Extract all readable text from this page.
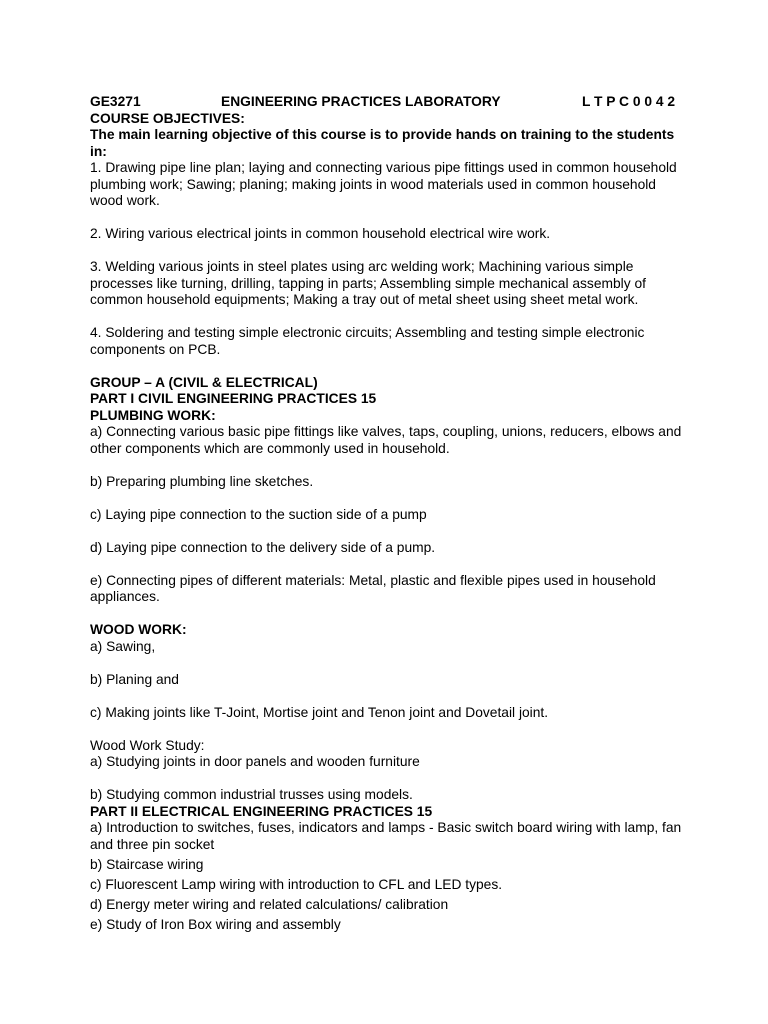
GE3271	ENGINEERING PRACTICES LABORATORY	L T P C 0 0 4 2

COURSE OBJECTIVES:

The main learning objective of this course is to provide hands on training to the students in:

1. Drawing pipe line plan; laying and connecting various pipe fittings used in common household plumbing work; Sawing; planing; making joints in wood materials used in common household wood work.

2. Wiring various electrical joints in common household electrical wire work.

3. Welding various joints in steel plates using arc welding work; Machining various simple processes like turning, drilling, tapping in parts; Assembling simple mechanical assembly of common household equipments; Making a tray out of metal sheet using sheet metal work.

4. Soldering and testing simple electronic circuits; Assembling and testing simple electronic components on PCB.

GROUP – A (CIVIL & ELECTRICAL)

PART I CIVIL ENGINEERING PRACTICES 15

PLUMBING WORK:

a) Connecting various basic pipe fittings like valves, taps, coupling, unions, reducers, elbows and other components which are commonly used in household.

b) Preparing plumbing line sketches.

c) Laying pipe connection to the suction side of a pump

d) Laying pipe connection to the delivery side of a pump.

e) Connecting pipes of different materials: Metal, plastic and flexible pipes used in household appliances.

WOOD WORK:

a) Sawing,

b) Planing and

c) Making joints like T-Joint, Mortise joint and Tenon joint and Dovetail joint.

Wood Work Study:

a) Studying joints in door panels and wooden furniture

b) Studying common industrial trusses using models.

PART II ELECTRICAL ENGINEERING PRACTICES 15

a) Introduction to switches, fuses, indicators and lamps - Basic switch board wiring with lamp, fan and three pin socket

b) Staircase wiring

c) Fluorescent Lamp wiring with introduction to CFL and LED types.

d) Energy meter wiring and related calculations/ calibration

e) Study of Iron Box wiring and assembly
